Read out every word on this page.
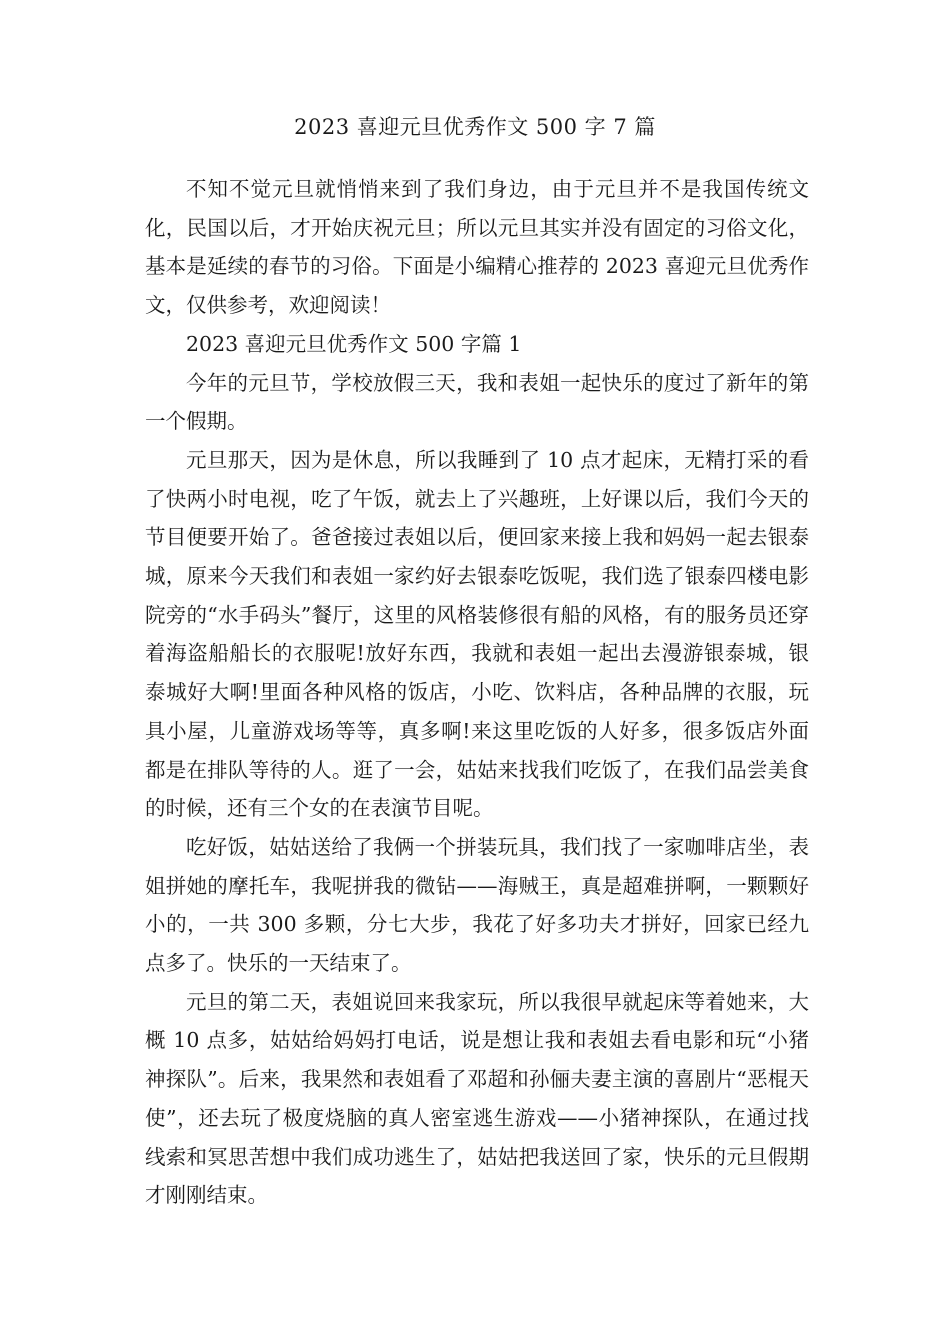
2023 喜迎元旦优秀作文 500 字 7 篇

不知不觉元旦就悄悄来到了我们身边，由于元旦并不是我国传统文化，民国以后，才开始庆祝元旦；所以元旦其实并没有固定的习俗文化，基本是延续的春节的习俗。下面是小编精心推荐的 2023 喜迎元旦优秀作文，仅供参考，欢迎阅读！

2023 喜迎元旦优秀作文 500 字篇 1

今年的元旦节，学校放假三天，我和表姐一起快乐的度过了新年的第一个假期。

元旦那天，因为是休息，所以我睡到了 10 点才起床，无精打采的看了快两小时电视，吃了午饭，就去上了兴趣班，上好课以后，我们今天的节目便要开始了。爸爸接过表姐以后，便回家来接上我和妈妈一起去银泰城，原来今天我们和表姐一家约好去银泰吃饭呢，我们选了银泰四楼电影院旁的“水手码头”餐厅，这里的风格装修很有船的风格，有的服务员还穿着海盗船船长的衣服呢!放好东西，我就和表姐一起出去漫游银泰城，银泰城好大啊!里面各种风格的饭店，小吃、饮料店，各种品牌的衣服，玩具小屋，儿童游戏场等等，真多啊!来这里吃饭的人好多，很多饭店外面都是在排队等待的人。逛了一会，姑姑来找我们吃饭了，在我们品尝美食的时候，还有三个女的在表演节目呢。

吃好饭，姑姑送给了我俩一个拼装玩具，我们找了一家咖啡店坐，表姐拼她的摩托车，我呢拼我的微钻——海贼王，真是超难拼啊，一颗颗好小的，一共 300 多颗，分七大步，我花了好多功夫才拼好，回家已经九点多了。快乐的一天结束了。

元旦的第二天，表姐说回来我家玩，所以我很早就起床等着她来，大概 10 点多，姑姑给妈妈打电话，说是想让我和表姐去看电影和玩“小猪神探队”。后来，我果然和表姐看了邓超和孙俪夫妻主演的喜剧片“恶棍天使”，还去玩了极度烧脑的真人密室逃生游戏——小猪神探队，在通过找线索和冥思苦想中我们成功逃生了，姑姑把我送回了家，快乐的元旦假期才刚刚结束。
